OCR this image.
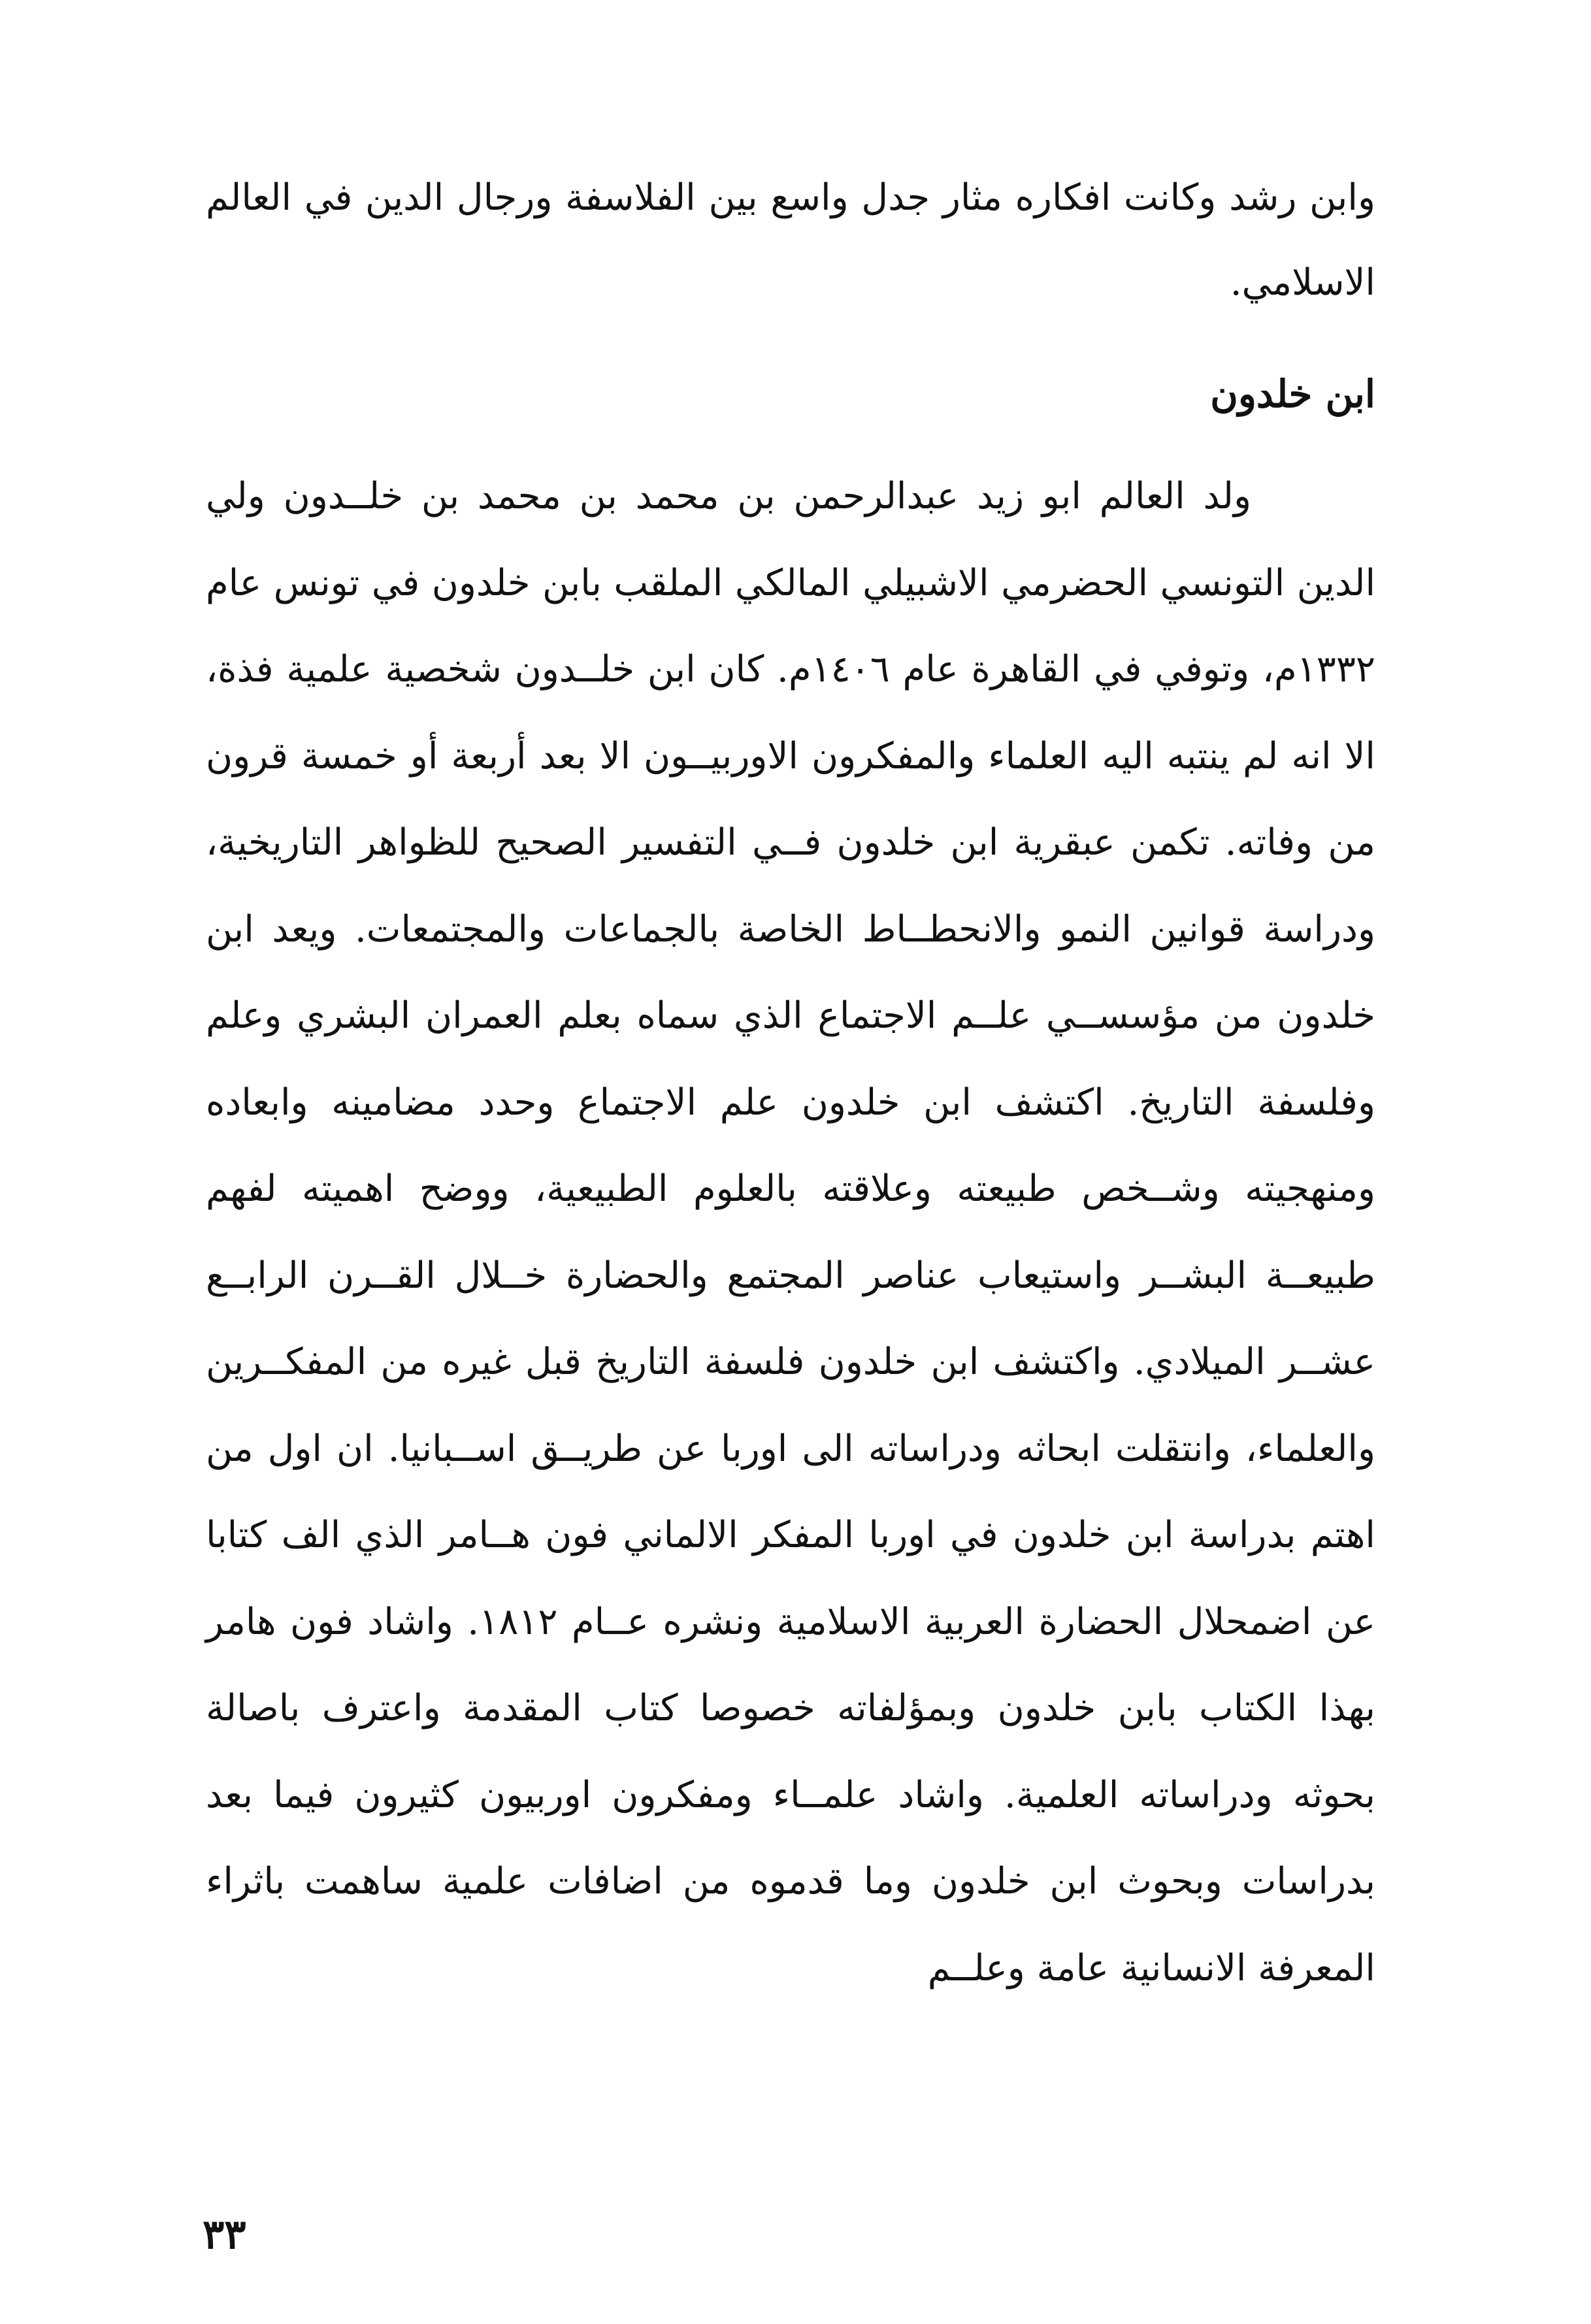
وابن رشد وكانت افكاره مثار جدل واسع بين الفلاسفة ورجال الدين في العالم الاسلامي.

ابن خلدون

ولد العالم ابو زيد عبدالرحمن بن محمد بن محمد بن خلــدون ولي الدين التونسي الحضرمي الاشبيلي المالكي الملقب بابن خلدون في تونس عام ١٣٣٢م، وتوفي في القاهرة عام ١٤٠٦م. كان ابن خلــدون شخصية علمية فذة، الا انه لم ينتبه اليه العلماء والمفكرون الاوربيــون الا بعد أربعة أو خمسة قرون من وفاته. تكمن عبقرية ابن خلدون فــي التفسير الصحيح للظواهر التاريخية، ودراسة قوانين النمو والانحطــاط الخاصة بالجماعات والمجتمعات. ويعد ابن خلدون من مؤسســي علــم الاجتماع الذي سماه بعلم العمران البشري وعلم وفلسفة التاريخ. اكتشف ابن خلدون علم الاجتماع وحدد مضامينه وابعاده ومنهجيته وشــخص طبيعته وعلاقته بالعلوم الطبيعية، ووضح اهميته لفهم طبيعــة البشــر واستيعاب عناصر المجتمع والحضارة خــلال القــرن الرابــع عشــر الميلادي. واكتشف ابن خلدون فلسفة التاريخ قبل غيره من المفكــرين والعلماء، وانتقلت ابحاثه ودراساته الى اوربا عن طريــق اســبانيا. ان اول من اهتم بدراسة ابن خلدون في اوربا المفكر الالماني فون هــامر الذي الف كتابا عن اضمحلال الحضارة العربية الاسلامية ونشره عــام ١٨١٢. واشاد فون هامر بهذا الكتاب بابن خلدون وبمؤلفاته خصوصا كتاب المقدمة واعترف باصالة بحوثه ودراساته العلمية. واشاد علمــاء ومفكرون اوربيون كثيرون فيما بعد بدراسات وبحوث ابن خلدون وما قدموه من اضافات علمية ساهمت باثراء المعرفة الانسانية عامة وعلــم

٣٣
